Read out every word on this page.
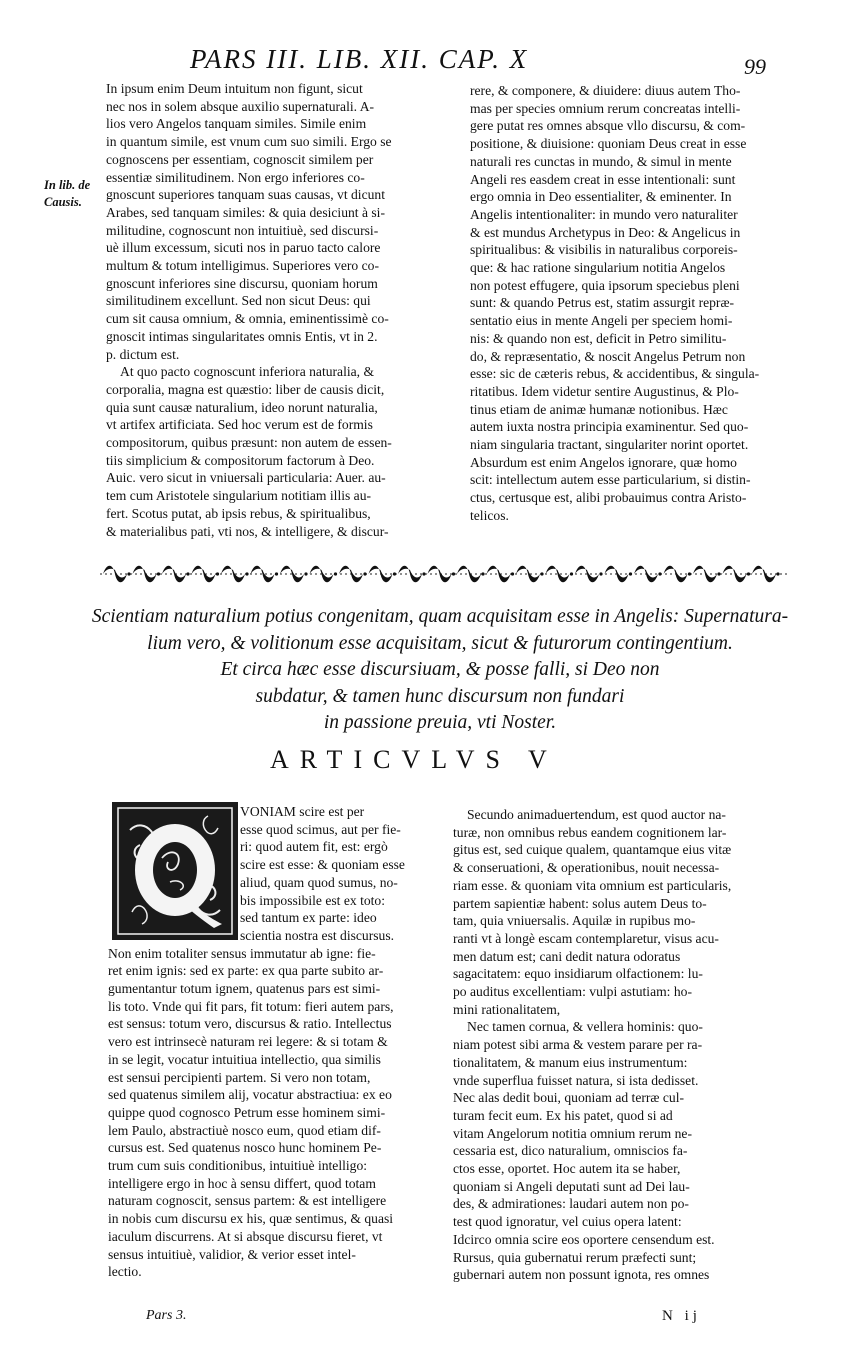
PARS III. LIB. XII. CAP. X	99
In lib. de
Causis.
In ipsum enim Deum intuitum non figunt, sicut
nec nos in solem absque auxilio supernaturali. A-
lios vero Angelos tanquam similes. Simile enim
in quantum simile, est vnum cum suo simili. Ergo se
cognoscens per essentiam, cognoscit similem per
essentiæ similitudinem. Non ergo inferiores co-
gnoscunt superiores tanquam suas causas, vt dicunt
Arabes, sed tanquam similes: & quia desiciunt à si-
militudine, cognoscunt non intuitiuè, sed discursi-
uè illum excessum, sicuti nos in paruo tacto calore
multum & totum intelligimus. Superiores vero co-
gnoscunt inferiores sine discursu, quoniam horum
similitudinem excellunt. Sed non sicut Deus: qui
cum sit causa omnium, & omnia, eminentissimè co-
gnoscit intimas singularitates omnis Entis, vt in 2.
p. dictum est.
At quo pacto cognoscunt inferiora naturalia, &
corporalia, magna est quæstio: liber de causis dicit,
quia sunt causæ naturalium, ideo norunt naturalia,
vt artifex artificiata. Sed hoc verum est de formis
compositorum, quibus præsunt: non autem de essen-
tiis simplicium & compositorum factorum à Deo.
Auic. vero sicut in vniuersali particularia: Auer. au-
tem cum Aristotele singularium notitiam illis au-
fert. Scotus putat, ab ipsis rebus, & spiritualibus,
& materialibus pati, vti nos, & intelligere, & discur-
rere, & componere, & diuidere: diuus autem Tho-
mas per species omnium rerum concreatas intelli-
gere putat res omnes absque vllo discursu, & com-
positione, & diuisione: quoniam Deus creat in esse
naturali res cunctas in mundo, & simul in mente
Angeli res easdem creat in esse intentionali: sunt
ergo omnia in Deo essentialiter, & eminenter. In
Angelis intentionaliter: in mundo vero naturaliter
& est mundus Archetypus in Deo: & Angelicus in
spiritualibus: & visibilis in naturalibus corporeis-
que: & hac ratione singularium notitia Angelos
non potest effugere, quia ipsorum speciebus pleni
sunt: & quando Petrus est, statim assurgit repræ-
sentatio eius in mente Angeli per speciem homi-
nis: & quando non est, deficit in Petro similitu-
do, & repræsentatio, & noscit Angelus Petrum non
esse: sic de cæteris rebus, & accidentibus, & singula-
ritatibus. Idem videtur sentire Augustinus, & Plo-
tinus etiam de animæ humanæ notionibus. Hæc
autem iuxta nostra principia examinentur. Sed quo-
niam singularia tractant, singulariter norint oportet.
Absurdum est enim Angelos ignorare, quæ homo
scit: intellectum autem esse particularium, si distin-
ctus, certusque est, alibi probauimus contra Aristo-
telicos.
Scientiam naturalium potius congenitam, quam acquisitam esse in Angelis: Supernatura-
lium vero, & volitionum esse acquisitam, sicut & futurorum contingentium.
Et circa hæc esse discursiuam, & posse falli, si Deo non
subdatur, & tamen hunc discursum non fundari
in passione preuia, vti Noster.
ARTICVLVS V
VONIAM scire est per
esse quod scimus, aut per fie-
ri: quod autem fit, est: ergò
scire est esse: & quoniam esse
aliud, quam quod sumus, no-
bis impossibile est ex toto:
sed tantum ex parte: ideo
scientia nostra est discursus.
Non enim totaliter sensus immutatur ab igne: fie-
ret enim ignis: sed ex parte: ex qua parte subito ar-
gumentantur totum ignem, quatenus pars est simi-
lis toto. Vnde qui fit pars, fit totum: fieri autem pars,
est sensus: totum vero, discursus & ratio. Intellectus
vero est intrinsecè naturam rei legere: & si totam &
in se legit, vocatur intuitiua intellectio, qua similis
est sensui percipienti partem. Si vero non totam,
sed quatenus similem alij, vocatur abstractiua: ex eo
quippe quod cognosco Petrum esse hominem simi-
lem Paulo, abstractiuè nosco eum, quod etiam dif-
cursus est. Sed quatenus nosco hunc hominem Pe-
trum cum suis conditionibus, intuitiuè intelligo:
intelligere ergo in hoc à sensu differt, quod totam
naturam cognoscit, sensus partem: & est intelligere
in nobis cum discursu ex his, quæ sentimus, & quasi
iaculum discurrens. At si absque discursu fieret, vt
sensus intuitiuè, validior, & verior esset intel-
lectio.
Secundo animaduertendum, est quod auctor na-
turæ, non omnibus rebus eandem cognitionem lar-
gitus est, sed cuique qualem, quantamque eius vitæ
& conseruationi, & operationibus, nouit necessa-
riam esse. & quoniam vita omnium est particularis,
partem sapientiæ habent: solus autem Deus to-
tam, quia vniuersalis. Aquilæ in rupibus mo-
ranti vt à longè escam contemplaretur, visus acu-
men datum est; cani dedit natura odoratus
sagacitatem: equo insidiarum olfactionem: lu-
po auditus excellentiam: vulpi astutiam: ho-
mini rationalitatem,
Nec tamen cornua, & vellera hominis: quo-
niam potest sibi arma & vestem parare per ra-
tionalitatem, & manum eius instrumentum:
vnde superflua fuisset natura, si ista dedisset.
Nec alas dedit boui, quoniam ad terræ cul-
turam fecit eum. Ex his patet, quod si ad
vitam Angelorum notitia omnium rerum ne-
cessaria est, dico naturalium, omniscios fa-
ctos esse, oportet. Hoc autem ita se haber,
quoniam si Angeli deputati sunt ad Dei lau-
des, & admirationes: laudari autem non po-
test quod ignoratur, vel cuius opera latent:
Idcirco omnia scire eos oportere censendum est.
Rursus, quia gubernatui rerum præfecti sunt;
gubernari autem non possunt ignota, res omnes
Pars 3.	N ij
